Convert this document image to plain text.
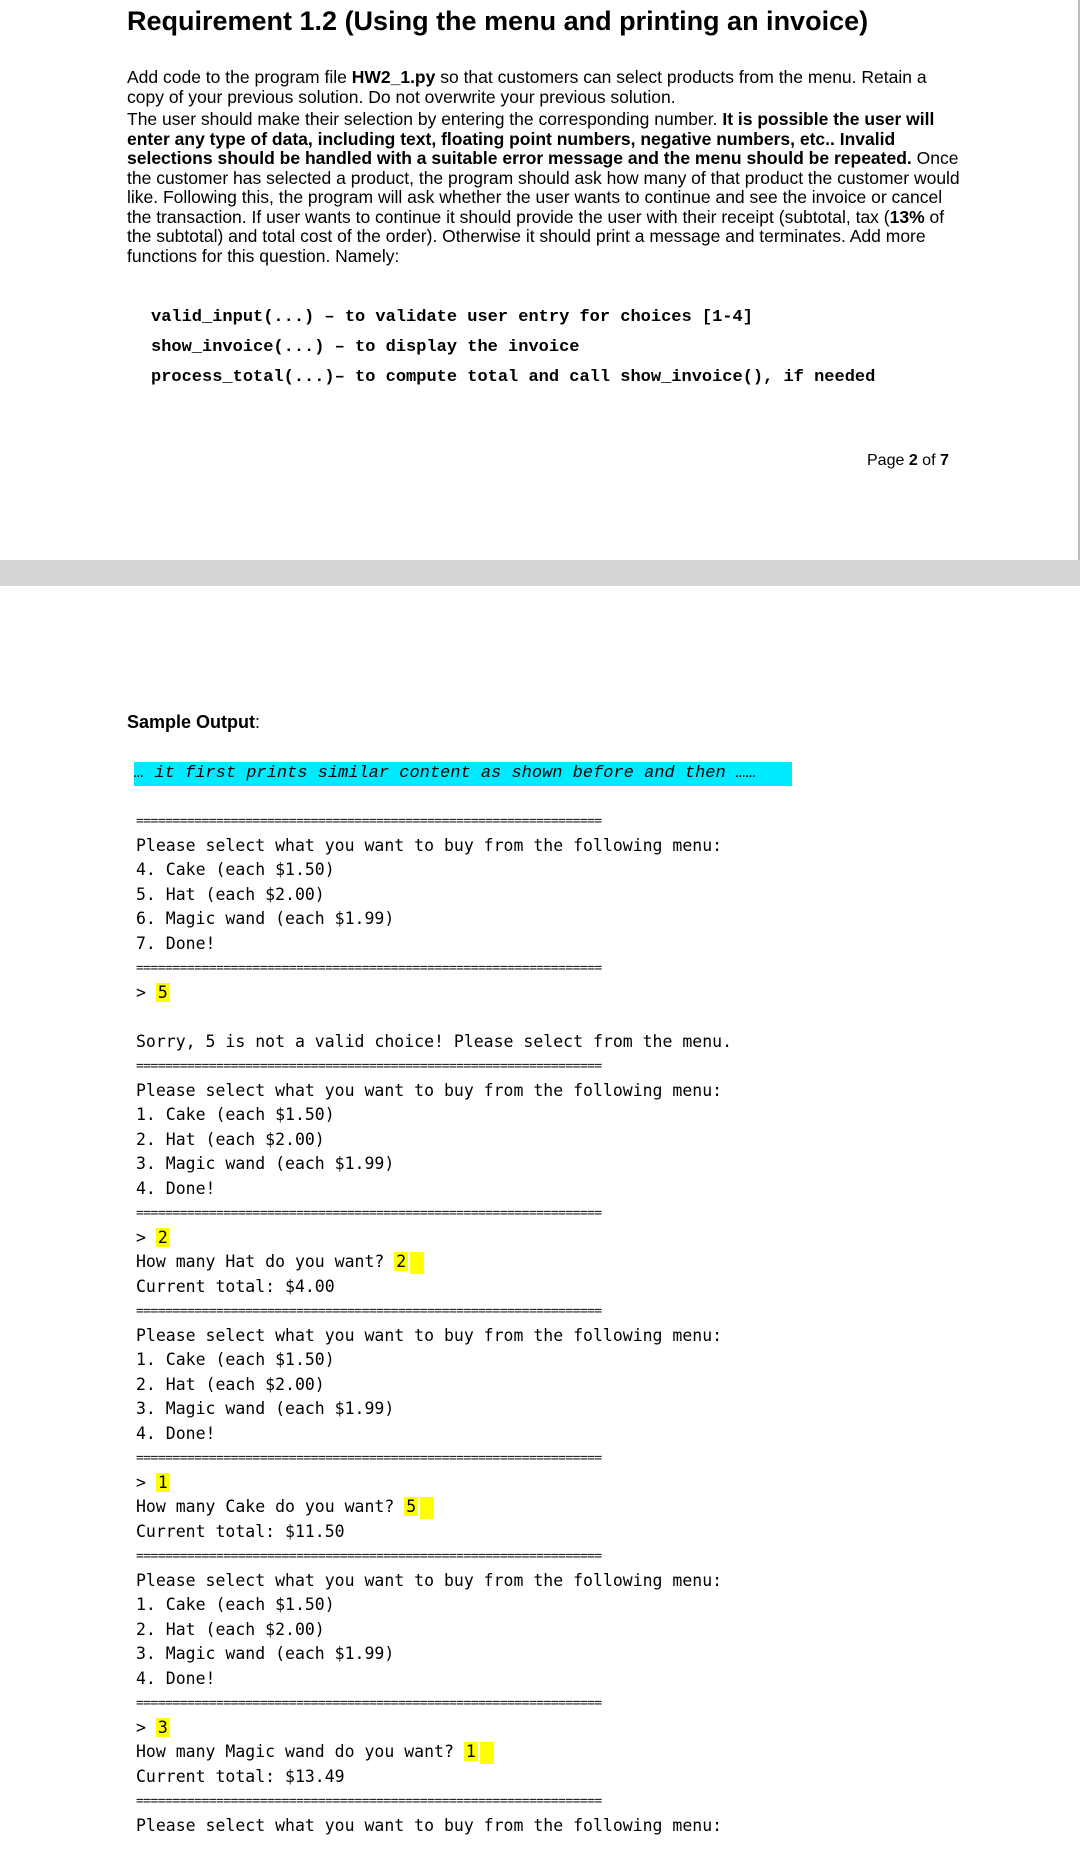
Requirement 1.2 (Using the menu and printing an invoice)

Add code to the program file HW2_1.py so that customers can select products from the menu. Retain a copy of your previous solution. Do not overwrite your previous solution.

The user should make their selection by entering the corresponding number. It is possible the user will enter any type of data, including text, floating point numbers, negative numbers, etc.. Invalid selections should be handled with a suitable error message and the menu should be repeated. Once the customer has selected a product, the program should ask how many of that product the customer would like. Following this, the program will ask whether the user wants to continue and see the invoice or cancel the transaction. If user wants to continue it should provide the user with their receipt (subtotal, tax (13% of the subtotal) and total cost of the order). Otherwise it should print a message and terminates. Add more functions for this question. Namely:

valid_input(...) – to validate user entry for choices [1-4]
show_invoice(...) – to display the invoice
process_total(...)– to compute total and call show_invoice(), if needed
Page 2 of 7
Sample Output:
… it first prints similar content as shown before and then ……
================================================================
Please select what you want to buy from the following menu:
4. Cake (each $1.50)
5. Hat (each $2.00)
6. Magic wand (each $1.99)
7. Done!
================================================================
> 5
Sorry, 5 is not a valid choice! Please select from the menu.
================================================================
Please select what you want to buy from the following menu:
1. Cake (each $1.50)
2. Hat (each $2.00)
3. Magic wand (each $1.99)
4. Done!
================================================================
> 2
How many Hat do you want? 2
Current total: $4.00
================================================================
Please select what you want to buy from the following menu:
1. Cake (each $1.50)
2. Hat (each $2.00)
3. Magic wand (each $1.99)
4. Done!
================================================================
> 1
How many Cake do you want? 5
Current total: $11.50
================================================================
Please select what you want to buy from the following menu:
1. Cake (each $1.50)
2. Hat (each $2.00)
3. Magic wand (each $1.99)
4. Done!
================================================================
> 3
How many Magic wand do you want? 1
Current total: $13.49
================================================================
Please select what you want to buy from the following menu:
